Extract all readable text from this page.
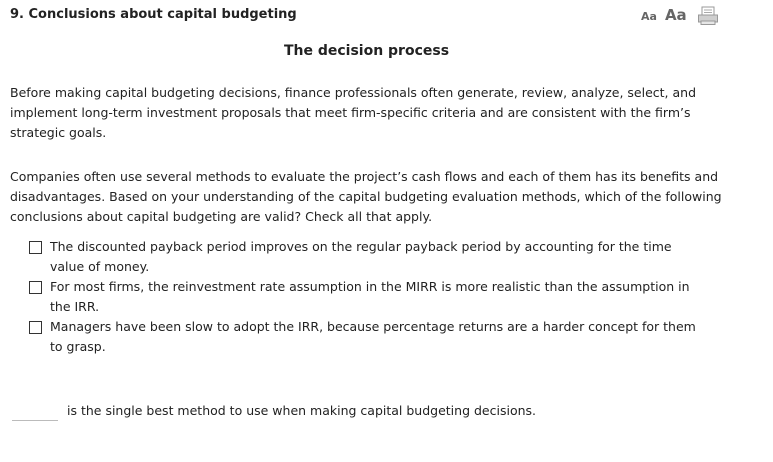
9. Conclusions about capital budgeting	Aa Aa
The decision process
Before making capital budgeting decisions, finance professionals often generate, review, analyze, select, and implement long-term investment proposals that meet firm-specific criteria and are consistent with the firm’s strategic goals.
Companies often use several methods to evaluate the project’s cash flows and each of them has its benefits and disadvantages. Based on your understanding of the capital budgeting evaluation methods, which of the following conclusions about capital budgeting are valid? Check all that apply.
The discounted payback period improves on the regular payback period by accounting for the time value of money.
For most firms, the reinvestment rate assumption in the MIRR is more realistic than the assumption in the IRR.
Managers have been slow to adopt the IRR, because percentage returns are a harder concept for them to grasp.
is the single best method to use when making capital budgeting decisions.
